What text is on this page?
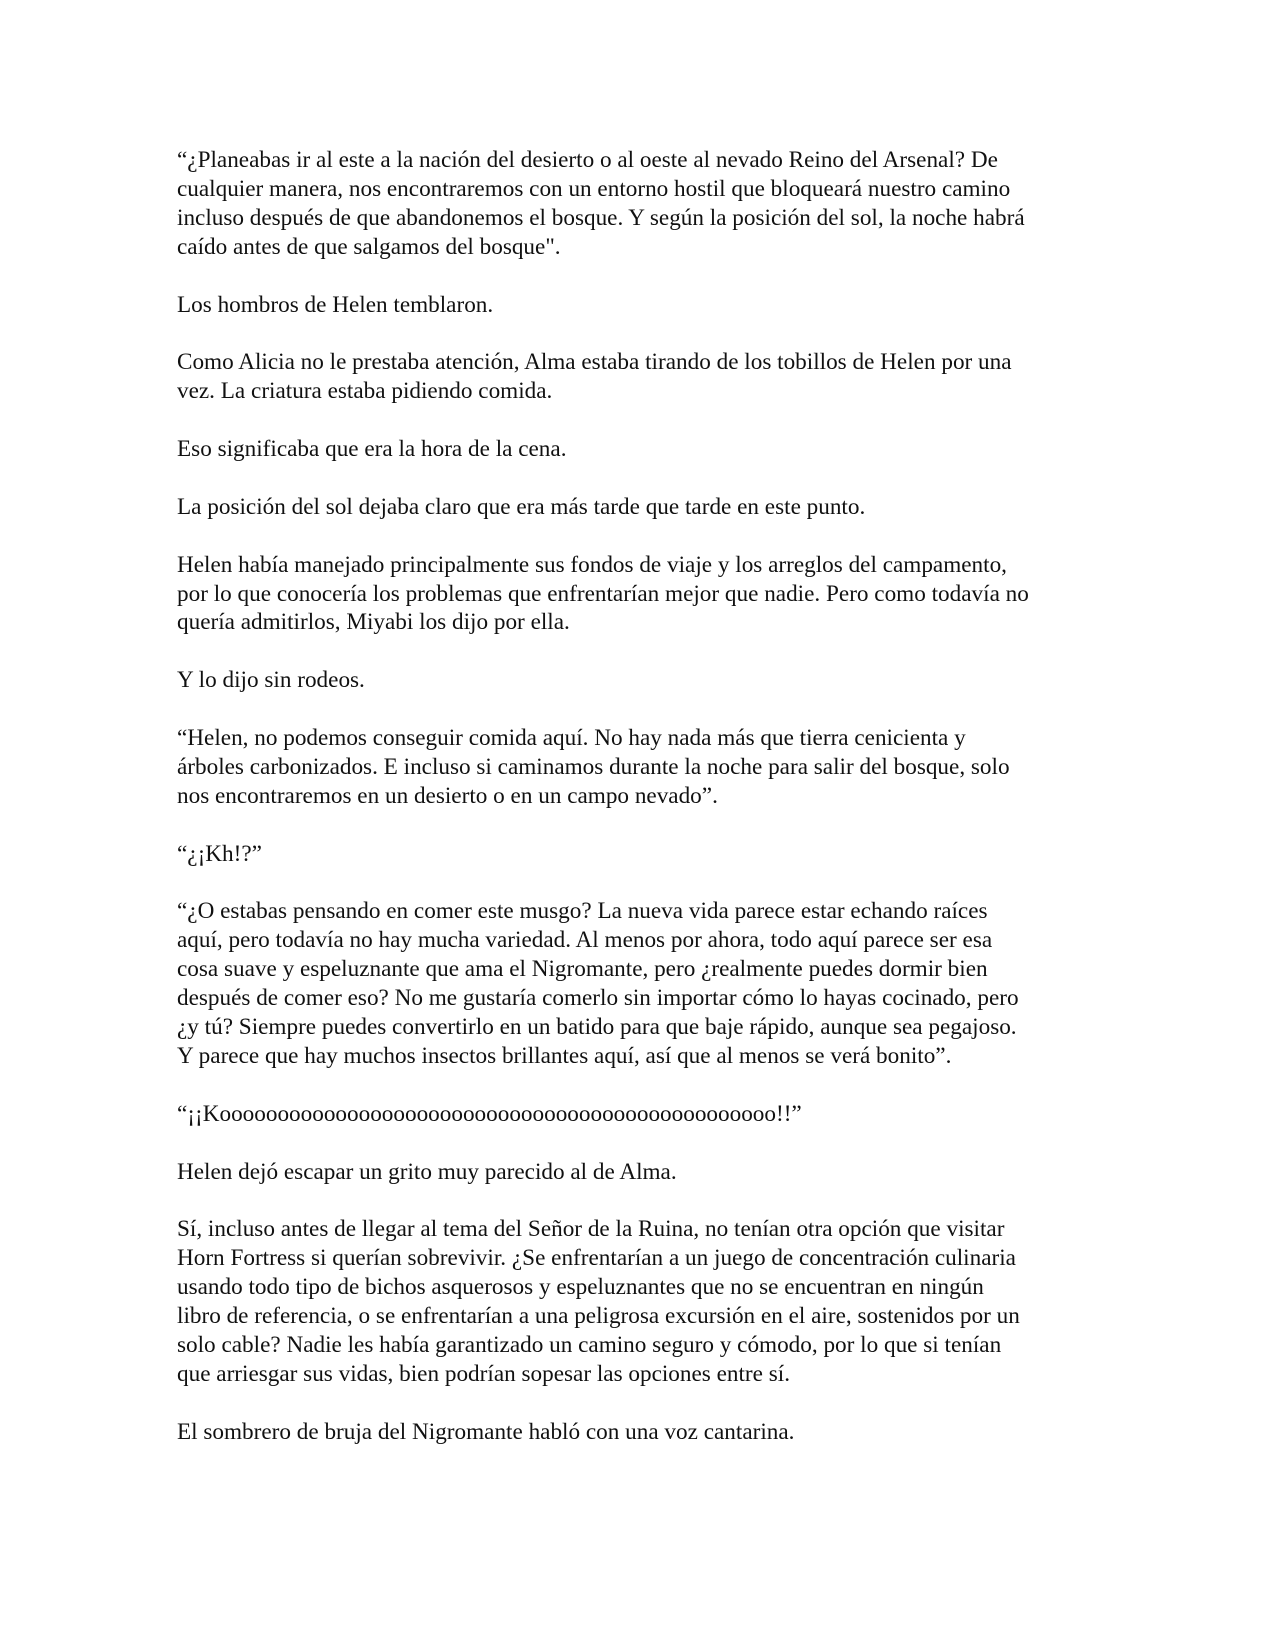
“¿Planeabas ir al este a la nación del desierto o al oeste al nevado Reino del Arsenal? De
cualquier manera, nos encontraremos con un entorno hostil que bloqueará nuestro camino
incluso después de que abandonemos el bosque. Y según la posición del sol, la noche habrá
caído antes de que salgamos del bosque".

Los hombros de Helen temblaron.

Como Alicia no le prestaba atención, Alma estaba tirando de los tobillos de Helen por una
vez. La criatura estaba pidiendo comida.

Eso significaba que era la hora de la cena.

La posición del sol dejaba claro que era más tarde que tarde en este punto.

Helen había manejado principalmente sus fondos de viaje y los arreglos del campamento,
por lo que conocería los problemas que enfrentarían mejor que nadie. Pero como todavía no
quería admitirlos, Miyabi los dijo por ella.

Y lo dijo sin rodeos.

“Helen, no podemos conseguir comida aquí. No hay nada más que tierra cenicienta y
árboles carbonizados. E incluso si caminamos durante la noche para salir del bosque, solo
nos encontraremos en un desierto o en un campo nevado”.

“¿¡Kh!?”

“¿O estabas pensando en comer este musgo? La nueva vida parece estar echando raíces
aquí, pero todavía no hay mucha variedad. Al menos por ahora, todo aquí parece ser esa
cosa suave y espeluznante que ama el Nigromante, pero ¿realmente puedes dormir bien
después de comer eso? No me gustaría comerlo sin importar cómo lo hayas cocinado, pero
¿y tú? Siempre puedes convertirlo en un batido para que baje rápido, aunque sea pegajoso.
Y parece que hay muchos insectos brillantes aquí, así que al menos se verá bonito”.

“¡¡Koooooooooooooooooooooooooooooooooooooooooooooooo!!”

Helen dejó escapar un grito muy parecido al de Alma.

Sí, incluso antes de llegar al tema del Señor de la Ruina, no tenían otra opción que visitar
Horn Fortress si querían sobrevivir. ¿Se enfrentarían a un juego de concentración culinaria
usando todo tipo de bichos asquerosos y espeluznantes que no se encuentran en ningún
libro de referencia, o se enfrentarían a una peligrosa excursión en el aire, sostenidos por un
solo cable? Nadie les había garantizado un camino seguro y cómodo, por lo que si tenían
que arriesgar sus vidas, bien podrían sopesar las opciones entre sí.

El sombrero de bruja del Nigromante habló con una voz cantarina.
